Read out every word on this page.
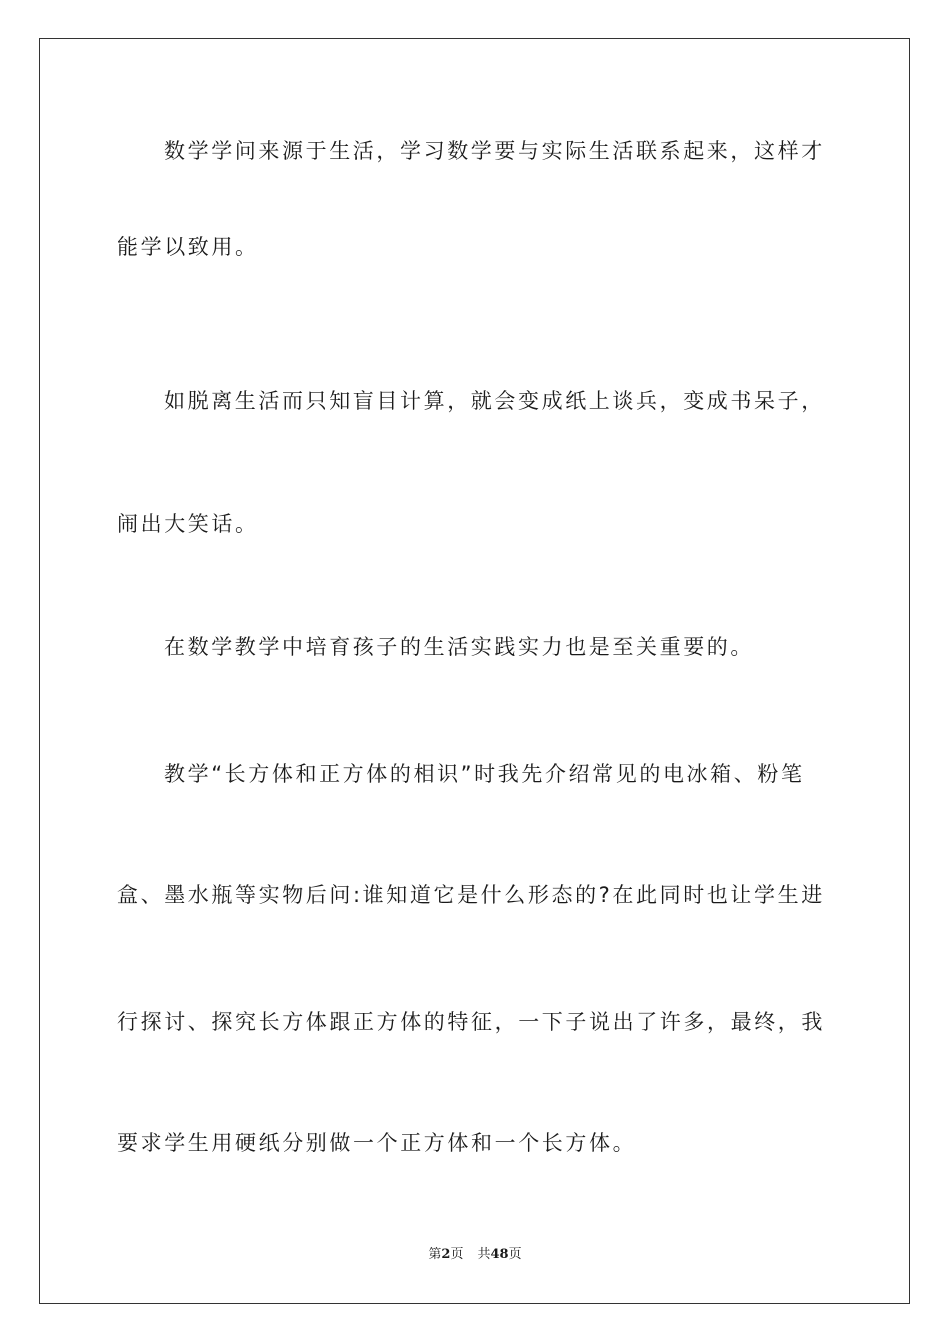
数学学问来源于生活，学习数学要与实际生活联系起来，这样才
能学以致用。
如脱离生活而只知盲目计算，就会变成纸上谈兵，变成书呆子，
闹出大笑话。
在数学教学中培育孩子的生活实践实力也是至关重要的。
教学“长方体和正方体的相识”时我先介绍常见的电冰箱、粉笔
盒、墨水瓶等实物后问:谁知道它是什么形态的?在此同时也让学生进
行探讨、探究长方体跟正方体的特征，一下子说出了许多，最终，我
要求学生用硬纸分别做一个正方体和一个长方体。
第2页 共48页
